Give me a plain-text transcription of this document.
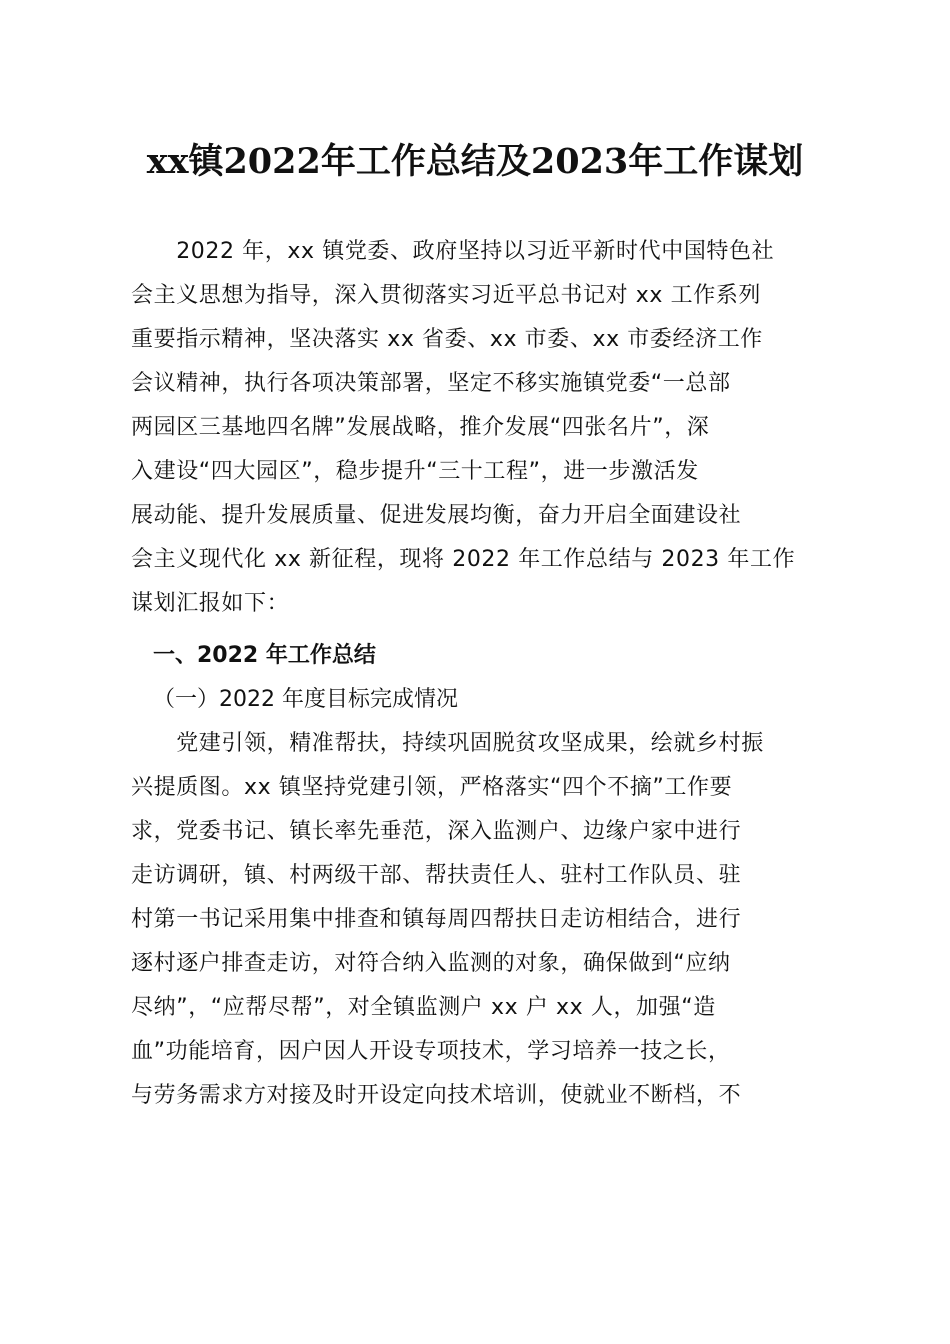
xx镇2022年工作总结及2023年工作谋划
　　2022 年，xx 镇党委、政府坚持以习近平新时代中国特色社
会主义思想为指导，深入贯彻落实习近平总书记对 xx 工作系列
重要指示精神，坚决落实 xx 省委、xx 市委、xx 市委经济工作
会议精神，执行各项决策部署，坚定不移实施镇党委“一总部
两园区三基地四名牌”发展战略，推介发展“四张名片”，深
入建设“四大园区”，稳步提升“三十工程”，进一步激活发
展动能、提升发展质量、促进发展均衡，奋力开启全面建设社
会主义现代化 xx 新征程，现将 2022 年工作总结与 2023 年工作
谋划汇报如下：
一、2022 年工作总结
（一）2022 年度目标完成情况
　　党建引领，精准帮扶，持续巩固脱贫攻坚成果，绘就乡村振
兴提质图。xx 镇坚持党建引领，严格落实“四个不摘”工作要
求，党委书记、镇长率先垂范，深入监测户、边缘户家中进行
走访调研，镇、村两级干部、帮扶责任人、驻村工作队员、驻
村第一书记采用集中排查和镇每周四帮扶日走访相结合，进行
逐村逐户排查走访，对符合纳入监测的对象，确保做到“应纳
尽纳”，“应帮尽帮”，对全镇监测户 xx 户 xx 人，加强“造
血”功能培育，因户因人开设专项技术，学习培养一技之长，
与劳务需求方对接及时开设定向技术培训，使就业不断档，不
